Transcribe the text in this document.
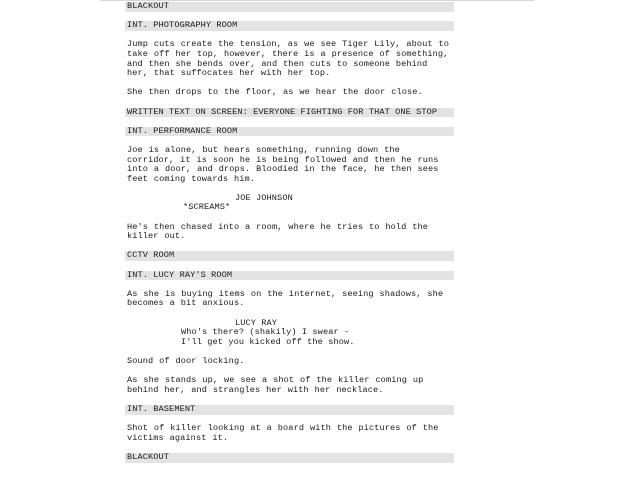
BLACKOUT
INT. PHOTOGRAPHY ROOM
Jump cuts create the tension, as we see Tiger Lily, about to
take off her top, however, there is a presence of something,
and then she bends over, and then cuts to someone behind
her, that suffocates her with her top.
She then drops to the floor, as we hear the door close.
WRITTEN TEXT ON SCREEN: EVERYONE FIGHTING FOR THAT ONE STOP
INT. PERFORMANCE ROOM
Joe is alone, but hears something, running down the
corridor, it is soon he is being followed and then he runs
into a door, and drops. Bloodied in the face, he then sees
feet coming towards him.
JOE JOHNSON
*SCREAMS*
He's then chased into a room, where he tries to hold the
killer out.
CCTV ROOM
INT. LUCY RAY'S ROOM
As she is buying items on the internet, seeing shadows, she
becomes a bit anxious.
LUCY RAY
Who's there? (shakily) I swear -
I'll get you kicked off the show.
Sound of door locking.
As she stands up, we see a shot of the killer coming up
behind her, and strangles her with her necklace.
INT. BASEMENT
Shot of killer looking at a board with the pictures of the
victims against it.
BLACKOUT
